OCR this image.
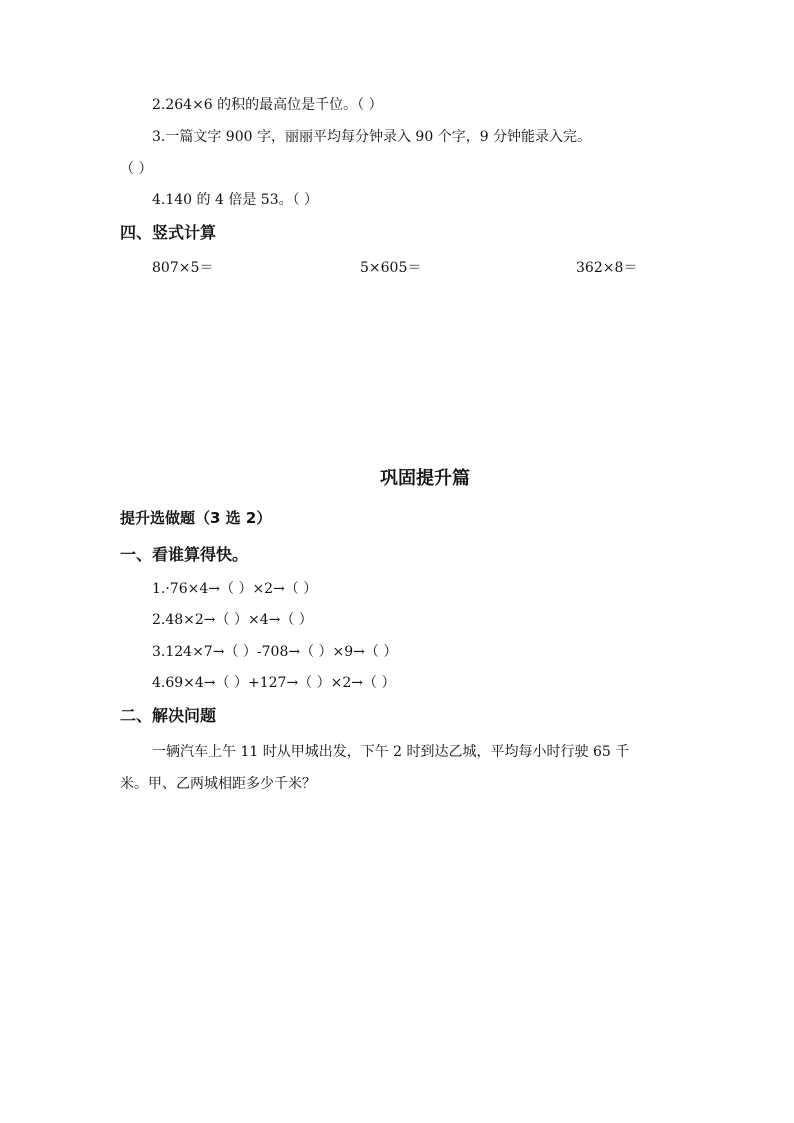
2.264×6 的积的最高位是千位。（ ）
3.一篇文字 900 字，丽丽平均每分钟录入 90 个字，9 分钟能录入完。
（ ）
4.140 的 4 倍是 53。（ ）
四、竖式计算
807×5＝	5×605＝	362×8＝
巩固提升篇
提升选做题（3 选 2）
一、看谁算得快。
1.·76×4→（ ）×2→（ ）
2.48×2→（ ）×4→（ ）
3.124×7→（ ）-708→（ ）×9→（ ）
4.69×4→（ ）+127→（ ）×2→（ ）
二、解决问题
一辆汽车上午 11 时从甲城出发，下午 2 时到达乙城，平均每小时行驶 65 千
米。甲、乙两城相距多少千米？
